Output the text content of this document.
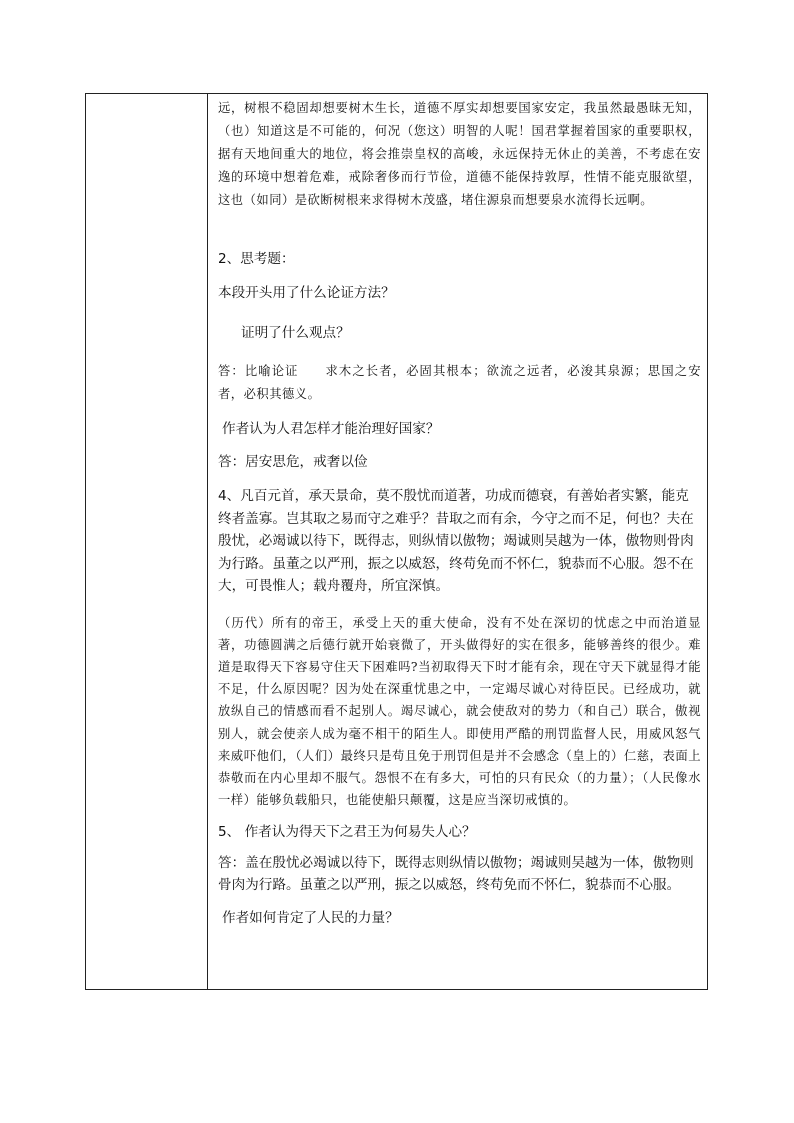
远，树根不稳固却想要树木生长，道德不厚实却想要国家安定，我虽然最愚昧无知，（也）知道这是不可能的，何况（您这）明智的人呢！国君掌握着国家的重要职权，据有天地间重大的地位，将会推崇皇权的高峻，永远保持无休止的美善，不考虑在安逸的环境中想着危难，戒除奢侈而行节俭，道德不能保持敦厚，性情不能克服欲望，这也（如同）是砍断树根来求得树木茂盛，堵住源泉而想要泉水流得长远啊。

2、思考题：

本段开头用了什么论证方法？

证明了什么观点？

答：比喻论证　　求木之长者，必固其根本；欲流之远者，必浚其泉源；思国之安者，必积其德义。

作者认为人君怎样才能治理好国家？

答：居安思危，戒奢以俭

4、凡百元首，承天景命，莫不殷忧而道著，功成而德衰，有善始者实繁，能克终者盖寡。岂其取之易而守之难乎？昔取之而有余，今守之而不足，何也？夫在殷忧，必竭诚以待下，既得志，则纵情以傲物；竭诚则吴越为一体，傲物则骨肉为行路。虽董之以严刑，振之以威怒，终苟免而不怀仁，貌恭而不心服。怨不在大，可畏惟人；载舟覆舟，所宜深慎。

（历代）所有的帝王，承受上天的重大使命，没有不处在深切的忧虑之中而治道显著，功德圆满之后德行就开始衰微了，开头做得好的实在很多，能够善终的很少。难道是取得天下容易守住天下困难吗?当初取得天下时才能有余，现在守天下就显得才能不足，什么原因呢？因为处在深重忧患之中，一定竭尽诚心对待臣民。已经成功，就放纵自己的情感而看不起别人。竭尽诚心，就会使敌对的势力（和自己）联合，傲视别人，就会使亲人成为毫不相干的陌生人。即使用严酷的刑罚监督人民，用威风怒气来威吓他们，（人们）最终只是苟且免于刑罚但是并不会感念（皇上的）仁慈，表面上恭敬而在内心里却不服气。怨恨不在有多大，可怕的只有民众（的力量）；（人民像水一样）能够负载船只，也能使船只颠覆，这是应当深切戒慎的。

5、 作者认为得天下之君王为何易失人心？

答：盖在殷忧必竭诚以待下，既得志则纵情以傲物；竭诚则吴越为一体，傲物则骨肉为行路。虽董之以严刑，振之以威怒，终苟免而不怀仁，貌恭而不心服。

作者如何肯定了人民的力量？
